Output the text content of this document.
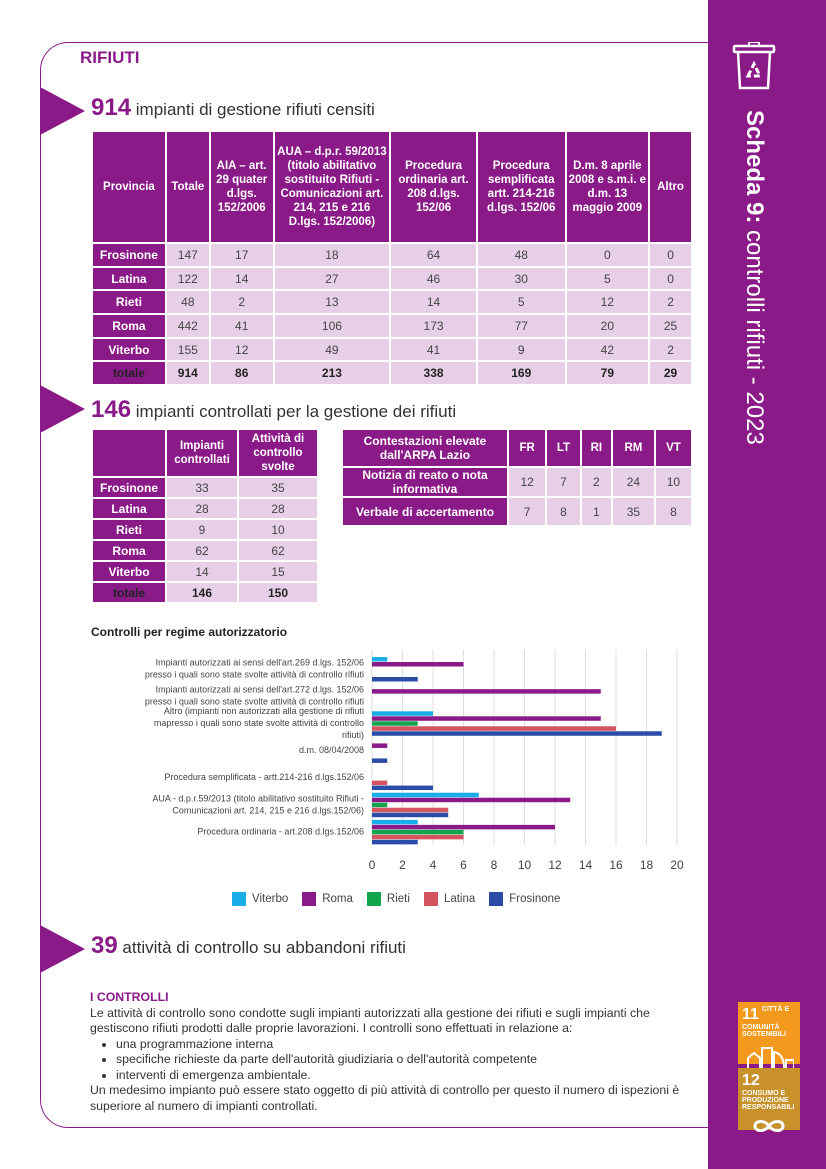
Scheda 9: controlli rifiuti - 2023
RIFIUTI
914 impianti di gestione rifiuti censiti
Provincia	Totale	AIA – art. 29 quater d.lgs. 152/2006	AUA – d.p.r. 59/2013 (titolo abilitativo sostituito Rifiuti - Comunicazioni art. 214, 215 e 216 D.lgs. 152/2006)	Procedura ordinaria art. 208 d.lgs. 152/06	Procedura semplificata artt. 214-216 d.lgs. 152/06	D.m. 8 aprile 2008 e s.m.i. e d.m. 13 maggio 2009	Altro
Frosinone	147	17	18	64	48	0	0
Latina	122	14	27	46	30	5	0
Rieti	48	2	13	14	5	12	2
Roma	442	41	106	173	77	20	25
Viterbo	155	12	49	41	9	42	2
totale	914	86	213	338	169	79	29
146 impianti controllati per la gestione dei rifiuti
	Impianti controllati	Attività di controllo svolte
Frosinone	33	35
Latina	28	28
Rieti	9	10
Roma	62	62
Viterbo	14	15
totale	146	150
Contestazioni elevate dall'ARPA Lazio	FR	LT	RI	RM	VT
Notizia di reato o nota informativa	12	7	2	24	10
Verbale di accertamento	7	8	1	35	8
Controlli per regime autorizzatorio
0 2 4 6 8 10 12 14 16 18 20
Impianti autorizzati ai sensi dell'art.269 d.lgs. 152/06 presso i quali sono state svolte attività di controllo rifiuti
Impianti autorizzati ai sensi dell'art.272 d.lgs. 152/06 presso i quali sono state svolte attività di controllo rifiuti
Altro (impianti non autorizzati alla gestione di rifiuti mapresso i quali sono state svolte attività di controllo rifiuti)
d.m. 08/04/2008
Procedura semplificata - artt.214-216 d.lgs.152/06
AUA - d.p.r.59/2013 (titolo abilitativo sostituito Rifiuti -Comunicazioni art. 214, 215 e 216 d.lgs.152/06)
Procedura ordinaria - art.208 d.lgs.152/06
Viterbo	Roma	Rieti	Latina	Frosinone
39 attività di controllo su abbandoni rifiuti
I CONTROLLI

Le attività di controllo sono condotte sugli impianti autorizzati alla gestione dei rifiuti e sugli impianti che gestiscono rifiuti prodotti dalle proprie lavorazioni. I controlli sono effettuati in relazione a:

• una programmazione interna
• specifiche richieste da parte dell'autorità giudiziaria o dell'autorità competente
• interventi di emergenza ambientale.

Un medesimo impianto può essere stato oggetto di più attività di controllo per questo il numero di ispezioni è superiore al numero di impianti controllati.

11 CITTÀ E COMUNITÀ SOSTENIBILI
12
CONSUMO E PRODUZIONE RESPONSABILI
